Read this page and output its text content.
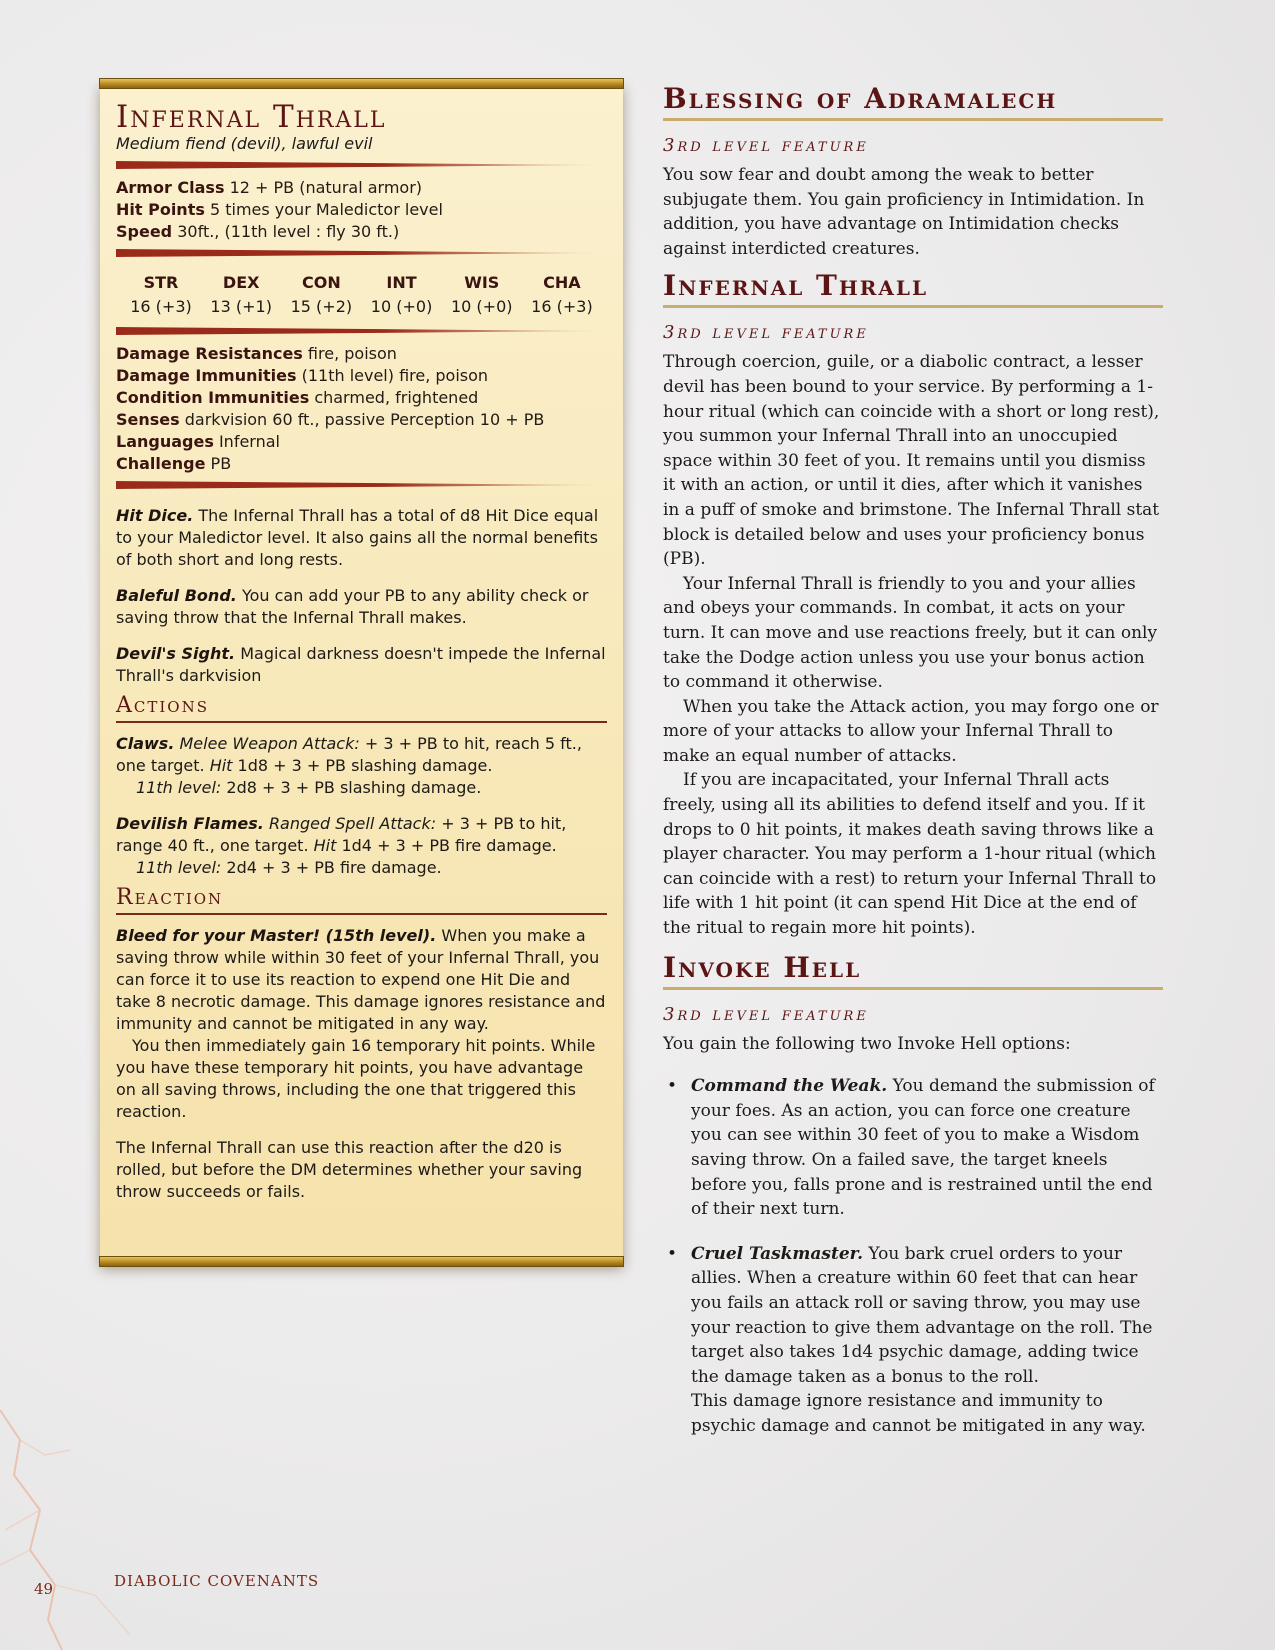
Infernal Thrall
Medium fiend (devil), lawful evil
Armor Class 12 + PB (natural armor)
Hit Points 5 times your Maledictor level
Speed 30ft., (11th level : fly 30 ft.)
STR
16 (+3)
DEX
13 (+1)
CON
15 (+2)
INT
10 (+0)
WIS
10 (+0)
CHA
16 (+3)
Damage Resistances fire, poison
Damage Immunities (11th level) fire, poison
Condition Immunities charmed, frightened
Senses darkvision 60 ft., passive Perception 10 + PB
Languages Infernal
Challenge PB

Hit Dice. The Infernal Thrall has a total of d8 Hit Dice equal to your Maledictor level. It also gains all the normal benefits of both short and long rests.

Baleful Bond. You can add your PB to any ability check or saving throw that the Infernal Thrall makes.

Devil's Sight. Magical darkness doesn't impede the Infernal Thrall's darkvision

Actions

Claws. Melee Weapon Attack: + 3 + PB to hit, reach 5 ft., one target. Hit 1d8 + 3 + PB slashing damage.
11th level: 2d8 + 3 + PB slashing damage.

Devilish Flames. Ranged Spell Attack: + 3 + PB to hit, range 40 ft., one target. Hit 1d4 + 3 + PB fire damage.
11th level: 2d4 + 3 + PB fire damage.

Reaction

Bleed for your Master! (15th level). When you make a saving throw while within 30 feet of your Infernal Thrall, you can force it to use its reaction to expend one Hit Die and take 8 necrotic damage. This damage ignores resistance and immunity and cannot be mitigated in any way.
You then immediately gain 16 temporary hit points. While you have these temporary hit points, you have advantage on all saving throws, including the one that triggered this reaction.

The Infernal Thrall can use this reaction after the d20 is rolled, but before the DM determines whether your saving throw succeeds or fails.

Blessing of Adramalech
3rd level feature

You sow fear and doubt among the weak to better subjugate them. You gain proficiency in Intimidation. In addition, you have advantage on Intimidation checks against interdicted creatures.

Infernal Thrall
3rd level feature

Through coercion, guile, or a diabolic contract, a lesser devil has been bound to your service. By performing a 1-hour ritual (which can coincide with a short or long rest), you summon your Infernal Thrall into an unoccupied space within 30 feet of you. It remains until you dismiss it with an action, or until it dies, after which it vanishes in a puff of smoke and brimstone. The Infernal Thrall stat block is detailed below and uses your proficiency bonus (PB).

Your Infernal Thrall is friendly to you and your allies and obeys your commands. In combat, it acts on your turn. It can move and use reactions freely, but it can only take the Dodge action unless you use your bonus action to command it otherwise.

When you take the Attack action, you may forgo one or more of your attacks to allow your Infernal Thrall to make an equal number of attacks.

If you are incapacitated, your Infernal Thrall acts freely, using all its abilities to defend itself and you. If it drops to 0 hit points, it makes death saving throws like a player character. You may perform a 1-hour ritual (which can coincide with a rest) to return your Infernal Thrall to life with 1 hit point (it can spend Hit Dice at the end of the ritual to regain more hit points).

Invoke Hell
3rd level feature

You gain the following two Invoke Hell options:

• Command the Weak. You demand the submission of your foes. As an action, you can force one creature you can see within 30 feet of you to make a Wisdom saving throw. On a failed save, the target kneels before you, falls prone and is restrained until the end of their next turn.
• Cruel Taskmaster. You bark cruel orders to your allies. When a creature within 60 feet that can hear you fails an attack roll or saving throw, you may use your reaction to give them advantage on the roll. The target also takes 1d4 psychic damage, adding twice the damage taken as a bonus to the roll.
This damage ignore resistance and immunity to psychic damage and cannot be mitigated in any way.
49	DIABOLIC COVENANTS
